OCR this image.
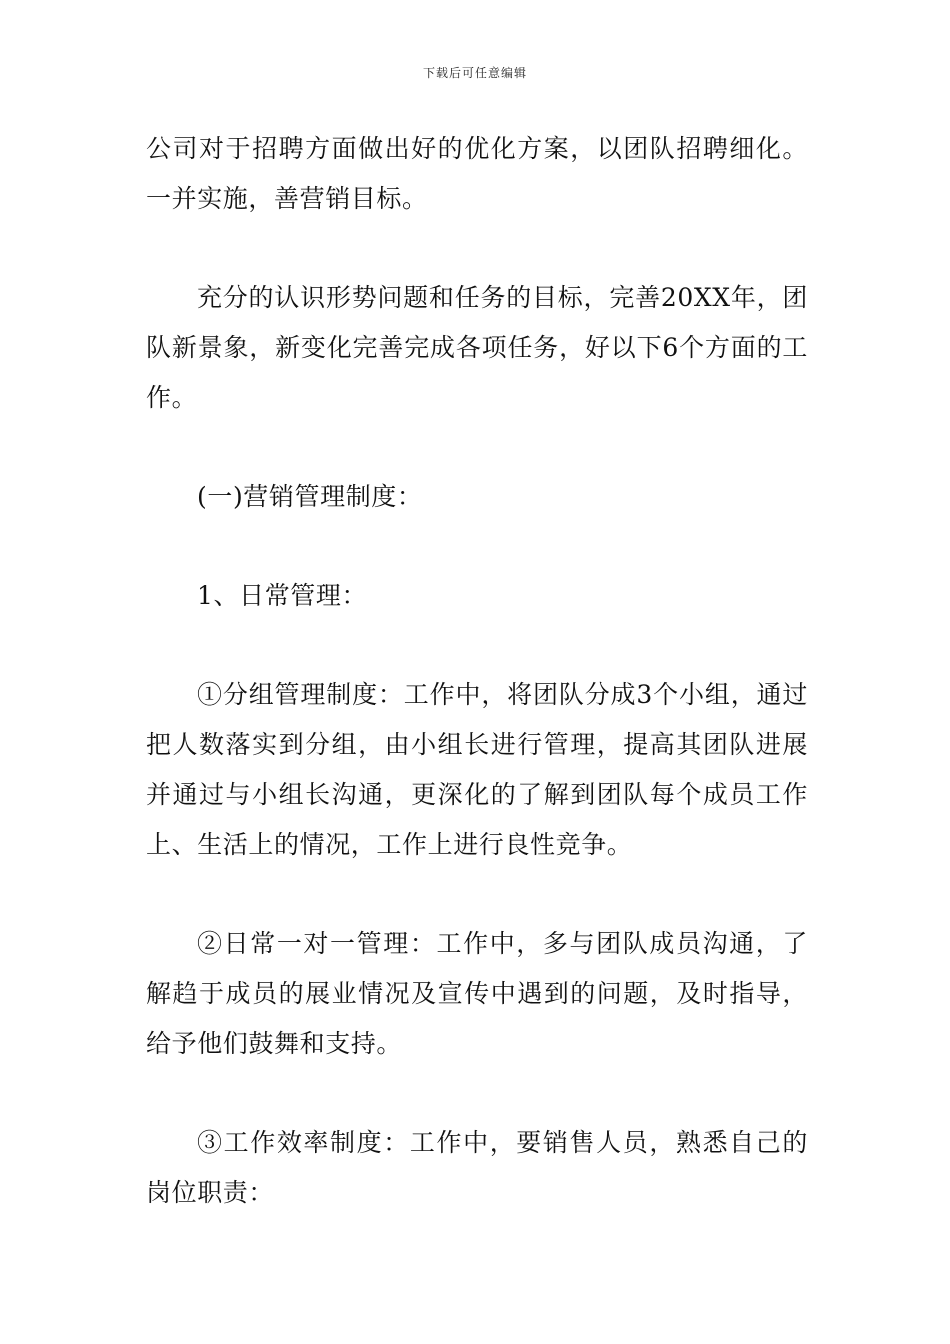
下载后可任意编辑

公司对于招聘方面做出好的优化方案，以团队招聘细化。一并实施，善营销目标。

充分的认识形势问题和任务的目标，完善20XX年，团队新景象，新变化完善完成各项任务，好以下6个方面的工作。

(一)营销管理制度：

1、日常管理：

①分组管理制度：工作中，将团队分成3个小组，通过把人数落实到分组，由小组长进行管理，提高其团队进展并通过与小组长沟通，更深化的了解到团队每个成员工作上、生活上的情况，工作上进行良性竞争。

②日常一对一管理：工作中，多与团队成员沟通，了解趋于成员的展业情况及宣传中遇到的问题，及时指导，给予他们鼓舞和支持。

③工作效率制度：工作中，要销售人员，熟悉自己的岗位职责：
